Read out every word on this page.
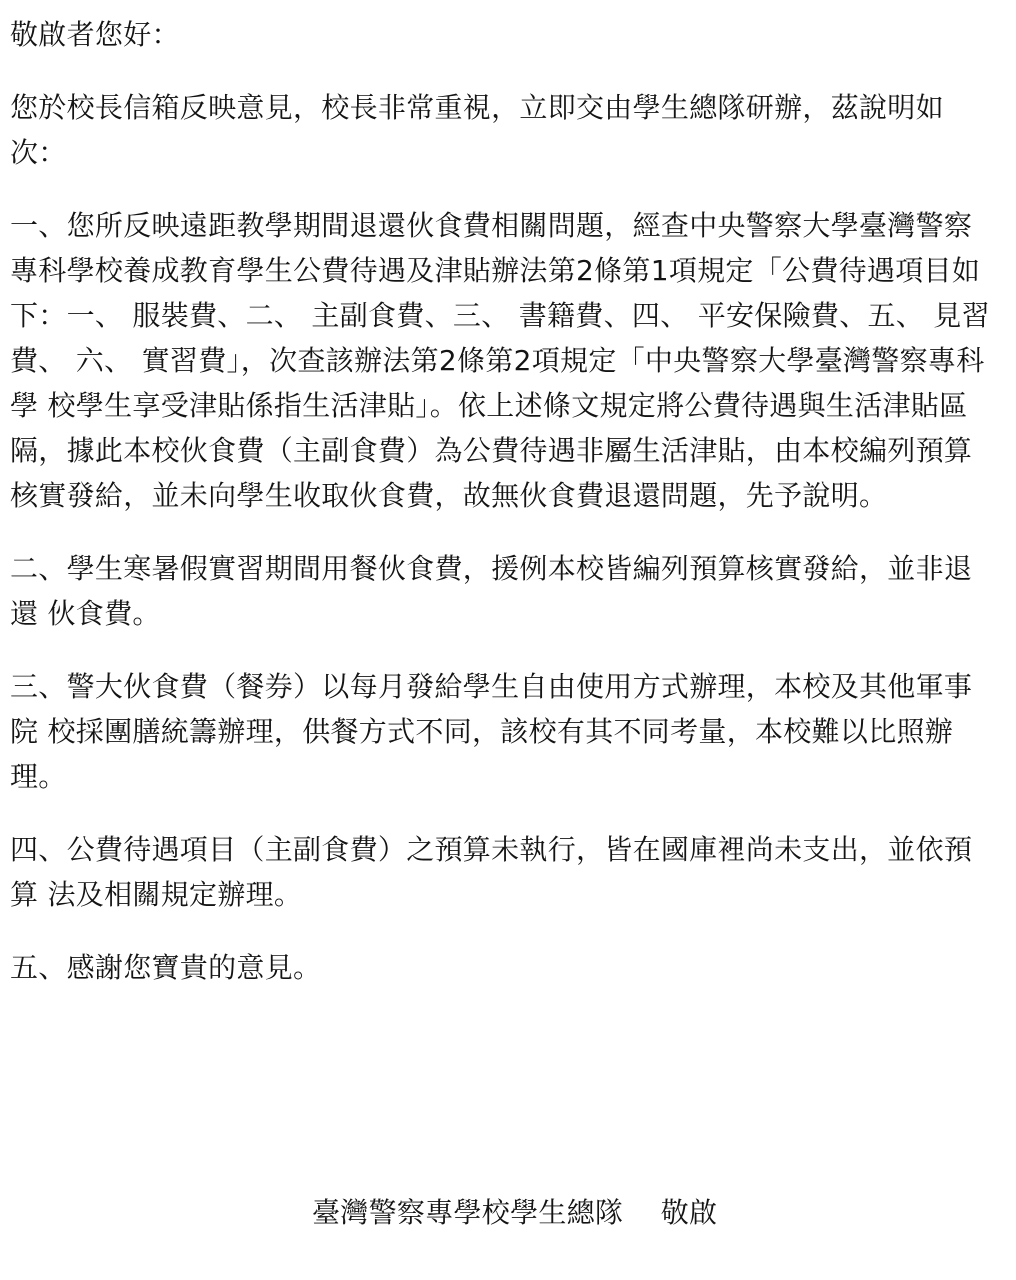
敬啟者您好：

您於校長信箱反映意見，校長非常重視，立即交由學生總隊研辦，茲說明如次：

一、您所反映遠距教學期間退還伙食費相關問題，經查中央警察大學臺灣警察專科學校養成教育學生公費待遇及津貼辦法第2條第1項規定「公費待遇項目如下：一、 服裝費、二、 主副食費、三、 書籍費、四、 平安保險費、五、 見習費、 六、 實習費」，次查該辦法第2條第2項規定「中央警察大學臺灣警察專科學 校學生享受津貼係指生活津貼」。依上述條文規定將公費待遇與生活津貼區隔，據此本校伙食費（主副食費）為公費待遇非屬生活津貼，由本校編列預算核實發給，並未向學生收取伙食費，故無伙食費退還問題，先予說明。

二、學生寒暑假實習期間用餐伙食費，援例本校皆編列預算核實發給，並非退還 伙食費。

三、警大伙食費（餐券）以每月發給學生自由使用方式辦理，本校及其他軍事院 校採團膳統籌辦理，供餐方式不同，該校有其不同考量，本校難以比照辦理。

四、公費待遇項目（主副食費）之預算未執行，皆在國庫裡尚未支出，並依預算 法及相關規定辦理。

五、感謝您寶貴的意見。

臺灣警察專學校學生總隊　 敬啟
